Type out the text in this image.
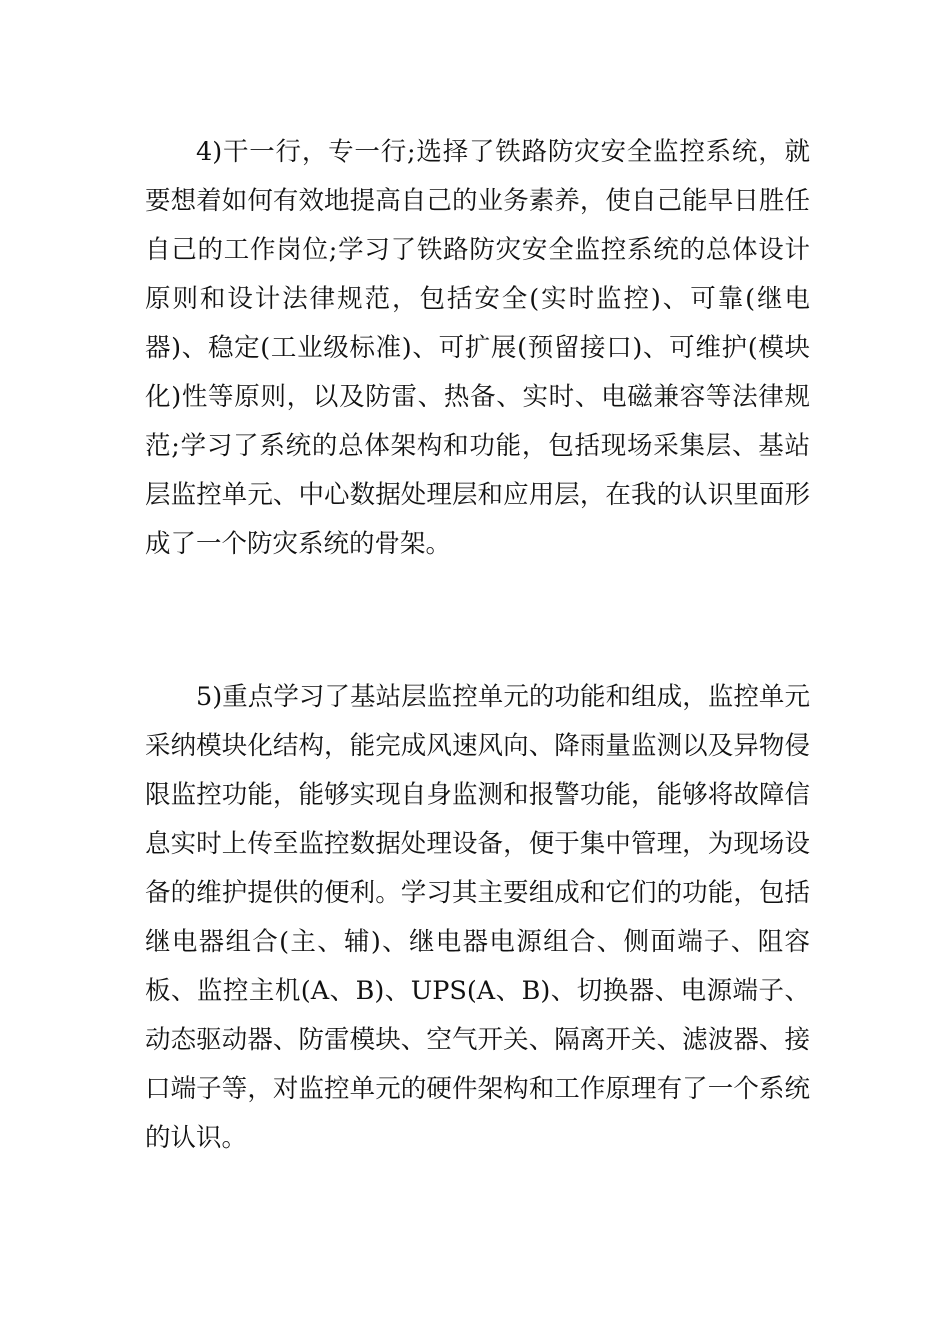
4)干一行，专一行;选择了铁路防灾安全监控系统，就要想着如何有效地提高自己的业务素养，使自己能早日胜任自己的工作岗位;学习了铁路防灾安全监控系统的总体设计原则和设计法律规范，包括安全(实时监控)、可靠(继电器)、稳定(工业级标准)、可扩展(预留接口)、可维护(模块化)性等原则，以及防雷、热备、实时、电磁兼容等法律规范;学习了系统的总体架构和功能，包括现场采集层、基站层监控单元、中心数据处理层和应用层，在我的认识里面形成了一个防灾系统的骨架。

5)重点学习了基站层监控单元的功能和组成，监控单元采纳模块化结构，能完成风速风向、降雨量监测以及异物侵限监控功能，能够实现自身监测和报警功能，能够将故障信息实时上传至监控数据处理设备，便于集中管理，为现场设备的维护提供的便利。学习其主要组成和它们的功能，包括继电器组合(主、辅)、继电器电源组合、侧面端子、阻容板、监控主机(A、B)、UPS(A、B)、切换器、电源端子、动态驱动器、防雷模块、空气开关、隔离开关、滤波器、接口端子等，对监控单元的硬件架构和工作原理有了一个系统的认识。
